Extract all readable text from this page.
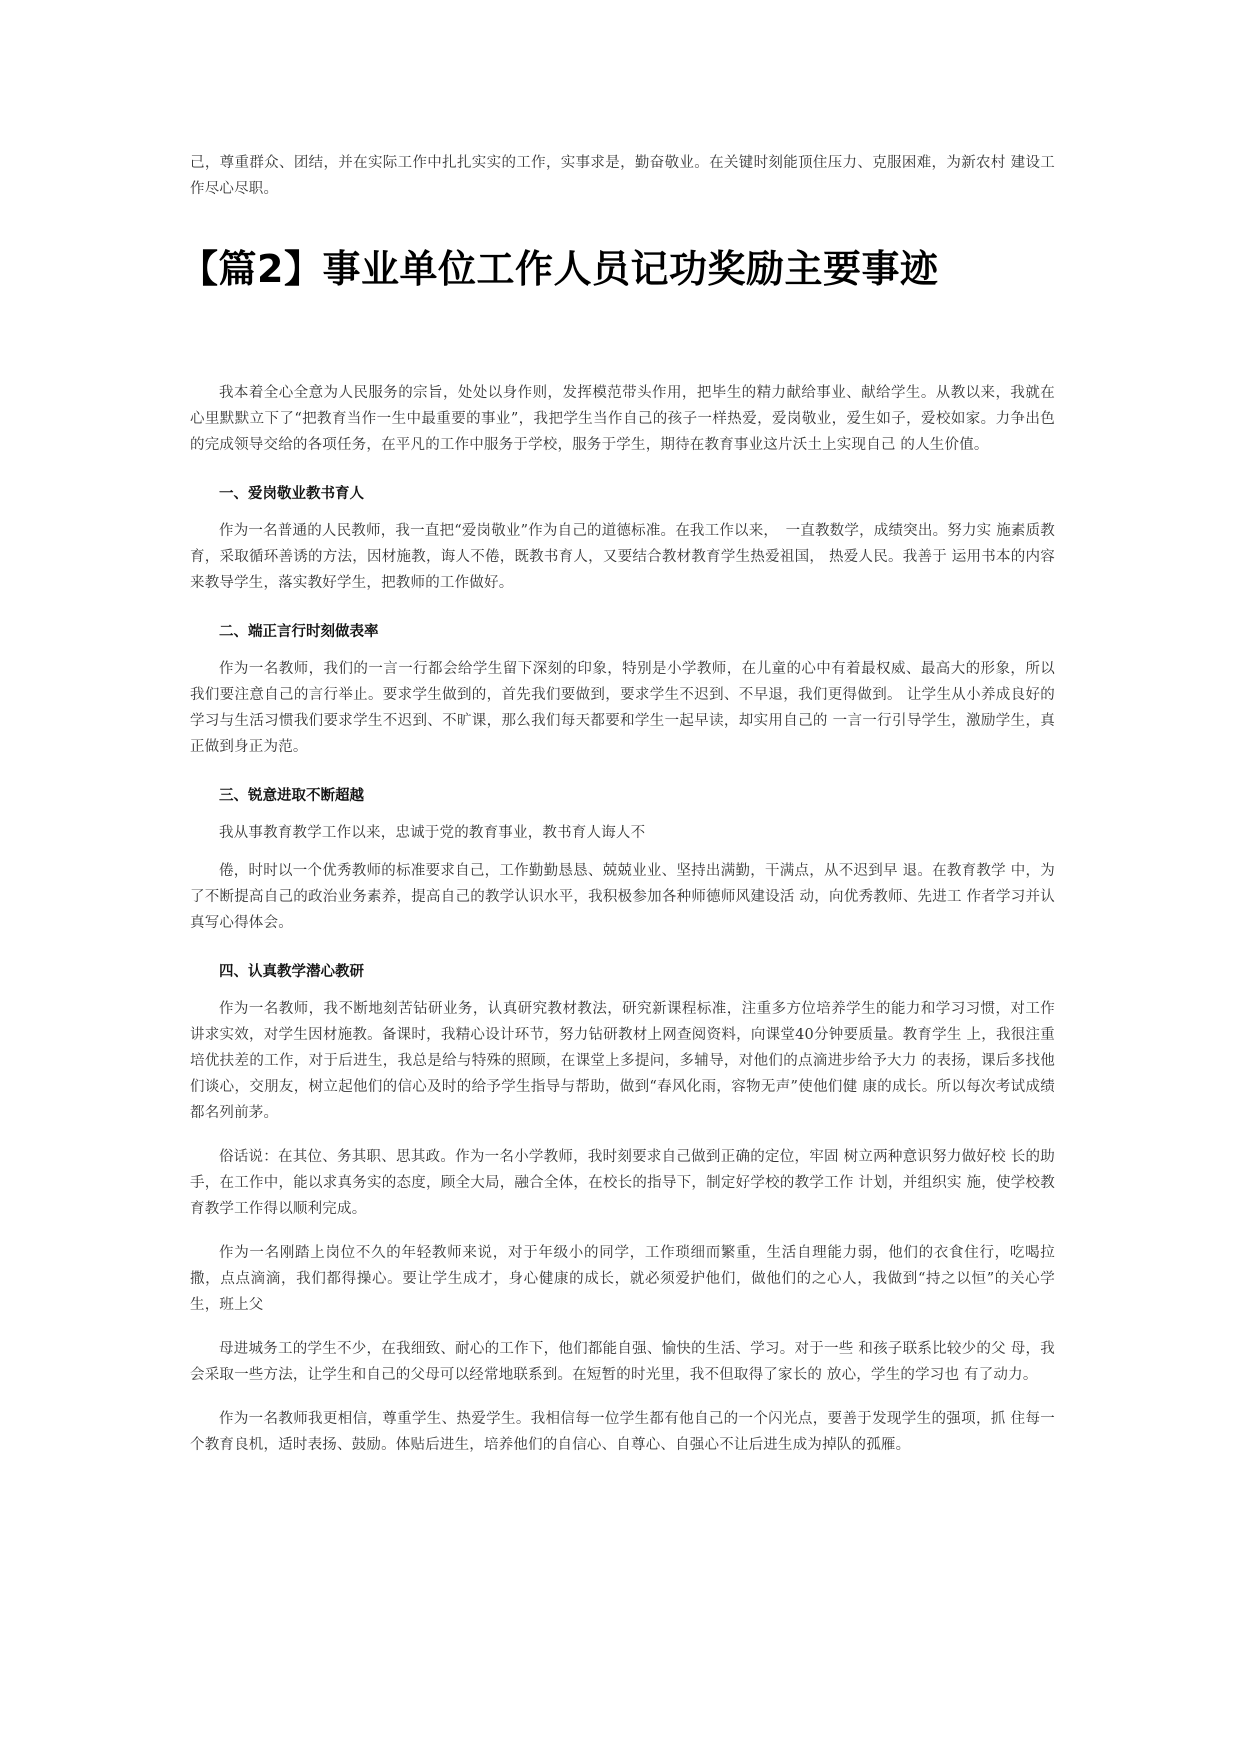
己，尊重群众、团结，并在实际工作中扎扎实实的工作，实事求是，勤奋敬业。在关键时刻能顶住压力、克服困难，为新农村 建设工作尽心尽职。

【篇2】事业单位工作人员记功奖励主要事迹

我本着全心全意为人民服务的宗旨，处处以身作则，发挥模范带头作用，把毕生的精力献给事业、献给学生。从教以来，我就在心里默默立下了“把教育当作一生中最重要的事业”，我把学生当作自己的孩子一样热爱，爱岗敬业，爱生如子，爱校如家。力争出色的完成领导交给的各项任务，在平凡的工作中服务于学校，服务于学生，期待在教育事业这片沃土上实现自己 的人生价值。

一、爱岗敬业教书育人

作为一名普通的人民教师，我一直把“爱岗敬业”作为自己的道德标准。在我工作以来，　一直教数学，成绩突出。努力实 施素质教育，采取循环善诱的方法，因材施教，诲人不倦，既教书育人，又要结合教材教育学生热爱祖国， 热爱人民。我善于 运用书本的内容来教导学生，落实教好学生，把教师的工作做好。

二、端正言行时刻做表率

作为一名教师，我们的一言一行都会给学生留下深刻的印象，特别是小学教师，在儿童的心中有着最权威、最高大的形象，所以我们要注意自己的言行举止。要求学生做到的，首先我们要做到，要求学生不迟到、不早退，我们更得做到。 让学生从小养成良好的学习与生活习惯我们要求学生不迟到、不旷课，那么我们每天都要和学生一起早读，却实用自己的 一言一行引导学生，激励学生，真正做到身正为范。

三、锐意进取不断超越

我从事教育教学工作以来，忠诚于党的教育事业，教书育人诲人不

倦，时时以一个优秀教师的标准要求自己，工作勤勤恳恳、兢兢业业、坚持出满勤，干满点，从不迟到早 退。在教育教学 中，为了不断提高自己的政治业务素养，提高自己的教学认识水平，我积极参加各种师德师风建设活 动，向优秀教师、先进工 作者学习并认真写心得体会。

四、认真教学潜心教研

作为一名教师，我不断地刻苦钻研业务，认真研究教材教法，研究新课程标准，注重多方位培养学生的能力和学习习惯，对工作讲求实效，对学生因材施教。备课时，我精心设计环节，努力钻研教材上网查阅资料，向课堂40分钟要质量。教育学生 上，我很注重培优扶差的工作，对于后进生，我总是给与特殊的照顾，在课堂上多提问，多辅导，对他们的点滴进步给予大力 的表扬，课后多找他们谈心，交朋友，树立起他们的信心及时的给予学生指导与帮助，做到“春风化雨，容物无声”使他们健 康的成长。所以每次考试成绩都名列前茅。

俗话说：在其位、务其职、思其政。作为一名小学教师，我时刻要求自己做到正确的定位，牢固 树立两种意识努力做好校 长的助手，在工作中，能以求真务实的态度，顾全大局，融合全体，在校长的指导下，制定好学校的教学工作 计划，并组织实 施，使学校教育教学工作得以顺利完成。

作为一名刚踏上岗位不久的年轻教师来说，对于年级小的同学，工作琐细而繁重，生活自理能力弱，他们的衣食住行，吃喝拉撒，点点滴滴，我们都得操心。要让学生成才，身心健康的成长，就必须爱护他们，做他们的之心人，我做到“持之以恒”的关心学生，班上父

母进城务工的学生不少，在我细致、耐心的工作下，他们都能自强、愉快的生活、学习。对于一些 和孩子联系比较少的父 母，我会采取一些方法，让学生和自己的父母可以经常地联系到。在短暂的时光里，我不但取得了家长的 放心，学生的学习也 有了动力。

作为一名教师我更相信，尊重学生、热爱学生。我相信每一位学生都有他自己的一个闪光点，要善于发现学生的强项，抓 住每一个教育良机，适时表扬、鼓励。体贴后进生，培养他们的自信心、自尊心、自强心不让后进生成为掉队的孤雁。
